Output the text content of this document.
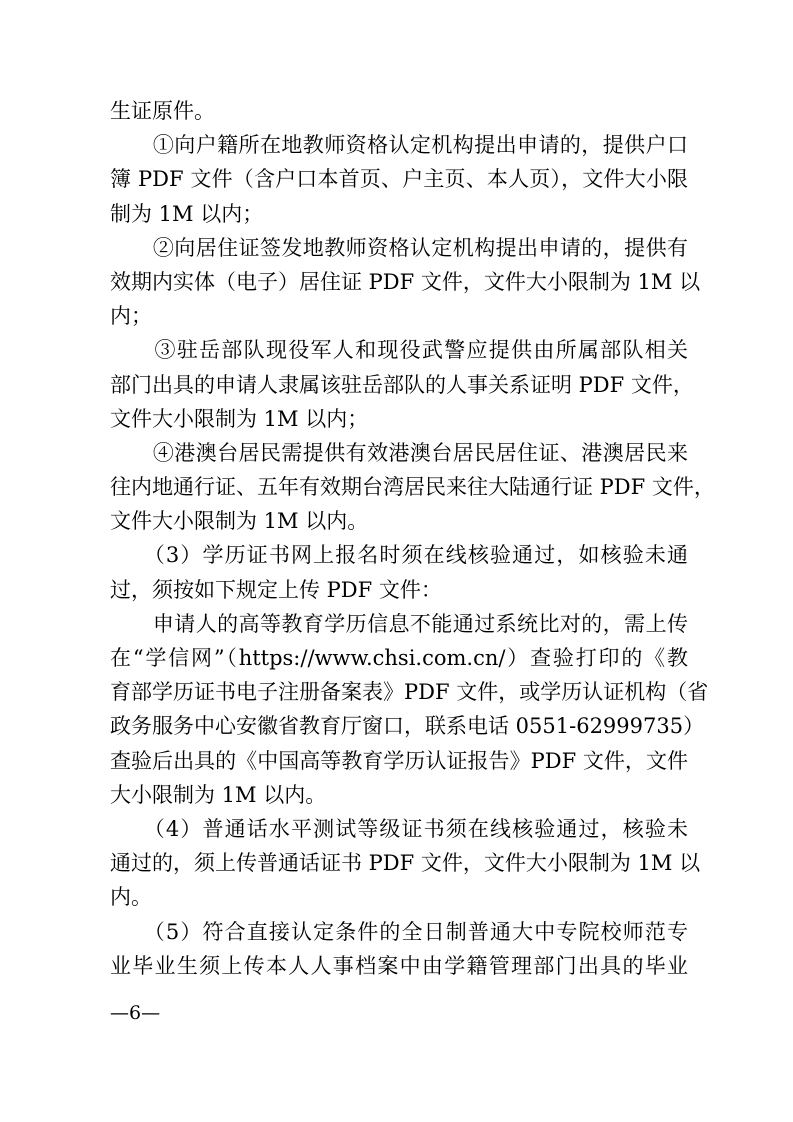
生证原件。
　　①向户籍所在地教师资格认定机构提出申请的，提供户口
簿 PDF 文件（含户口本首页、户主页、本人页），文件大小限
制为 1M 以内；
　　②向居住证签发地教师资格认定机构提出申请的，提供有
效期内实体（电子）居住证 PDF 文件，文件大小限制为 1M 以
内；
　　③驻岳部队现役军人和现役武警应提供由所属部队相关
部门出具的申请人隶属该驻岳部队的人事关系证明 PDF 文件，
文件大小限制为 1M 以内；
　　④港澳台居民需提供有效港澳台居民居住证、港澳居民来
往内地通行证、五年有效期台湾居民来往大陆通行证 PDF 文件，
文件大小限制为 1M 以内。
　　（3）学历证书网上报名时须在线核验通过，如核验未通
过，须按如下规定上传 PDF 文件：
　　申请人的高等教育学历信息不能通过系统比对的，需上传
在“学信网”（https://www.chsi.com.cn/）查验打印的《教
育部学历证书电子注册备案表》PDF 文件，或学历认证机构（省
政务服务中心安徽省教育厅窗口，联系电话 0551-62999735）
查验后出具的《中国高等教育学历认证报告》PDF 文件，文件
大小限制为 1M 以内。
　　（4）普通话水平测试等级证书须在线核验通过，核验未
通过的，须上传普通话证书 PDF 文件，文件大小限制为 1M 以
内。
　　（5）符合直接认定条件的全日制普通大中专院校师范专
业毕业生须上传本人人事档案中由学籍管理部门出具的毕业
—6—
